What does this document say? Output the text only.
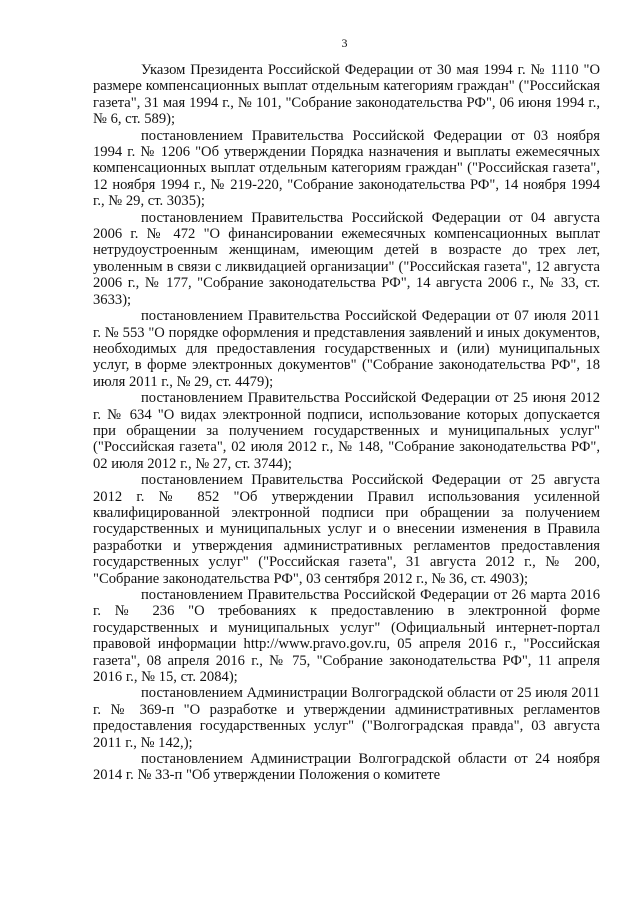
3

Указом Президента Российской Федерации от 30 мая 1994 г. № 1110 "О размере компенсационных выплат отдельным категориям граждан" ("Российская газета", 31 мая 1994 г., № 101, "Собрание законодательства РФ", 06 июня 1994 г., № 6, ст. 589);

постановлением Правительства Российской Федерации от 03 ноября 1994 г. № 1206 "Об утверждении Порядка назначения и выплаты ежемесячных компенсационных выплат отдельным категориям граждан" ("Российская газета", 12 ноября 1994 г., № 219-220, "Собрание законодательства РФ", 14 ноября 1994 г., № 29, ст. 3035);

постановлением Правительства Российской Федерации от 04 августа 2006 г. № 472 "О финансировании ежемесячных компенсационных выплат нетрудоустроенным женщинам, имеющим детей в возрасте до трех лет, уволенным в связи с ликвидацией организации" ("Российская газета", 12 августа 2006 г., № 177, "Собрание законодательства РФ", 14 августа 2006 г., № 33, ст. 3633);

постановлением Правительства Российской Федерации от 07 июля 2011 г. № 553 "О порядке оформления и представления заявлений и иных документов, необходимых для предоставления государственных и (или) муниципальных услуг, в форме электронных документов" ("Собрание законодательства РФ", 18 июля 2011 г., № 29, ст. 4479);

постановлением Правительства Российской Федерации от 25 июня 2012 г. № 634 "О видах электронной подписи, использование которых допускается при обращении за получением государственных и муниципальных услуг" ("Российская газета", 02 июля 2012 г., № 148, "Собрание законодательства РФ", 02 июля 2012 г., № 27, ст. 3744);

постановлением Правительства Российской Федерации от 25 августа 2012 г. № 852 "Об утверждении Правил использования усиленной квалифицированной электронной подписи при обращении за получением государственных и муниципальных услуг и о внесении изменения в Правила разработки и утверждения административных регламентов предоставления государственных услуг" ("Российская газета", 31 августа 2012 г., № 200, "Собрание законодательства РФ", 03 сентября 2012 г., № 36, ст. 4903);

постановлением Правительства Российской Федерации от 26 марта 2016 г. № 236 "О требованиях к предоставлению в электронной форме государственных и муниципальных услуг" (Официальный интернет-портал правовой информации http://www.pravo.gov.ru, 05 апреля 2016 г., "Российская газета", 08 апреля 2016 г., № 75, "Собрание законодательства РФ", 11 апреля 2016 г., № 15, ст. 2084);

постановлением Администрации Волгоградской области от 25 июля 2011 г. № 369-п "О разработке и утверждении административных регламентов предоставления государственных услуг" ("Волгоградская правда", 03 августа 2011 г., № 142,);

постановлением Администрации Волгоградской области от 24 ноября 2014 г. № 33-п "Об утверждении Положения о комитете
